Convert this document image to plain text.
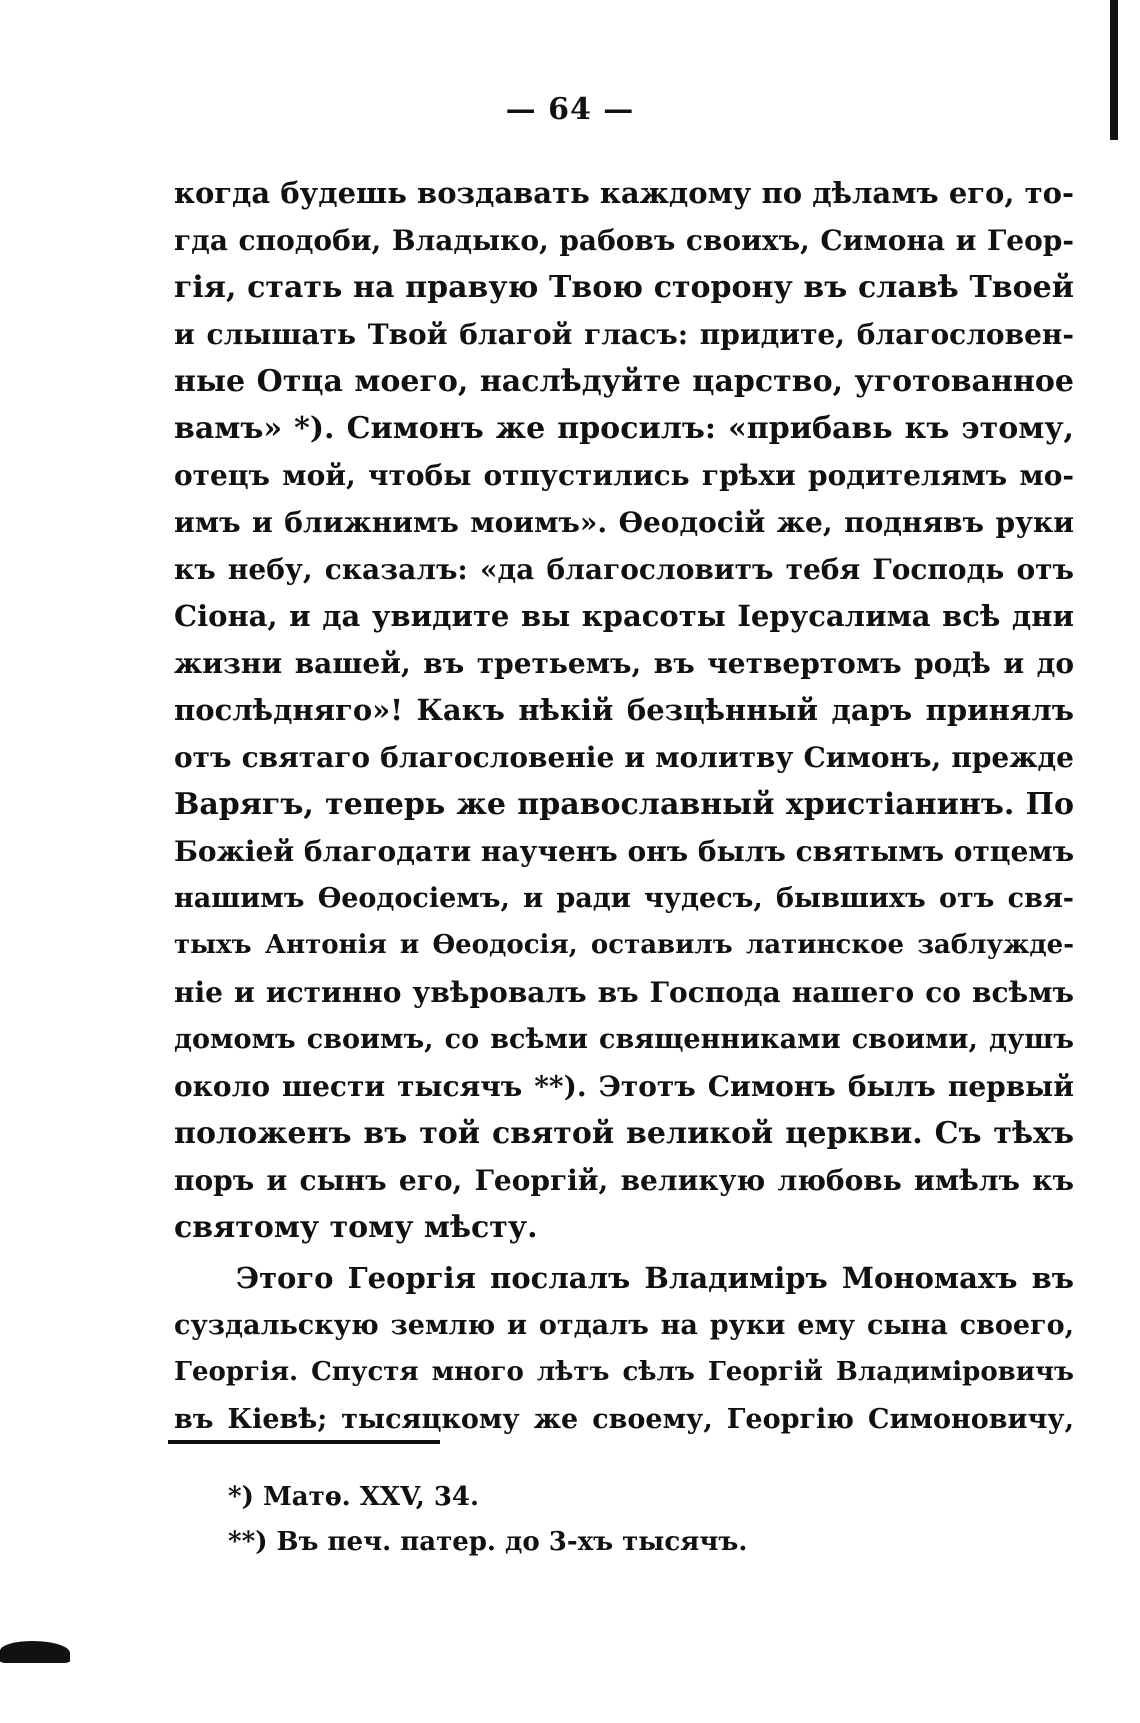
— 64 —
когда будешь воздавать каждому по дѣламъ его, то-
гда сподоби, Владыко, рабовъ своихъ, Симона и Геор-
гія, стать на правую Твою сторону въ славѣ Твоей
и слышать Твой благой гласъ: придите, благословен-
ные Отца моего, наслѣдуйте царство, уготованное
вамъ» *). Симонъ же просилъ: «прибавь къ этому,
отецъ мой, чтобы отпустились грѣхи родителямъ мо-
имъ и ближнимъ моимъ». Ѳеодосій же, поднявъ руки
къ небу, сказалъ: «да благословитъ тебя Господь отъ
Сіона, и да увидите вы красоты Іерусалима всѣ дни
жизни вашей, въ третьемъ, въ четвертомъ родѣ и до
послѣдняго»! Какъ нѣкій безцѣнный даръ принялъ
отъ святаго благословеніе и молитву Симонъ, прежде
Варягъ, теперь же православный христіанинъ. По
Божіей благодати наученъ онъ былъ святымъ отцемъ
нашимъ Ѳеодосіемъ, и ради чудесъ, бывшихъ отъ свя-
тыхъ Антонія и Ѳеодосія, оставилъ латинское заблужде-
ніе и истинно увѣровалъ въ Господа нашего со всѣмъ
домомъ своимъ, со всѣми священниками своими, душъ
около шести тысячъ **). Этотъ Симонъ былъ первый
положенъ въ той святой великой церкви. Съ тѣхъ
поръ и сынъ его, Георгій, великую любовь имѣлъ къ
святому тому мѣсту.
Этого Георгія послалъ Владиміръ Мономахъ въ
суздальскую землю и отдалъ на руки ему сына своего,
Георгія. Спустя много лѣтъ сѣлъ Георгій Владиміровичъ
въ Кіевѣ; тысяцкому же своему, Георгію Симоновичу,
*) Матѳ. XXV, 34.
**) Въ печ. патер. до 3-хъ тысячъ.
